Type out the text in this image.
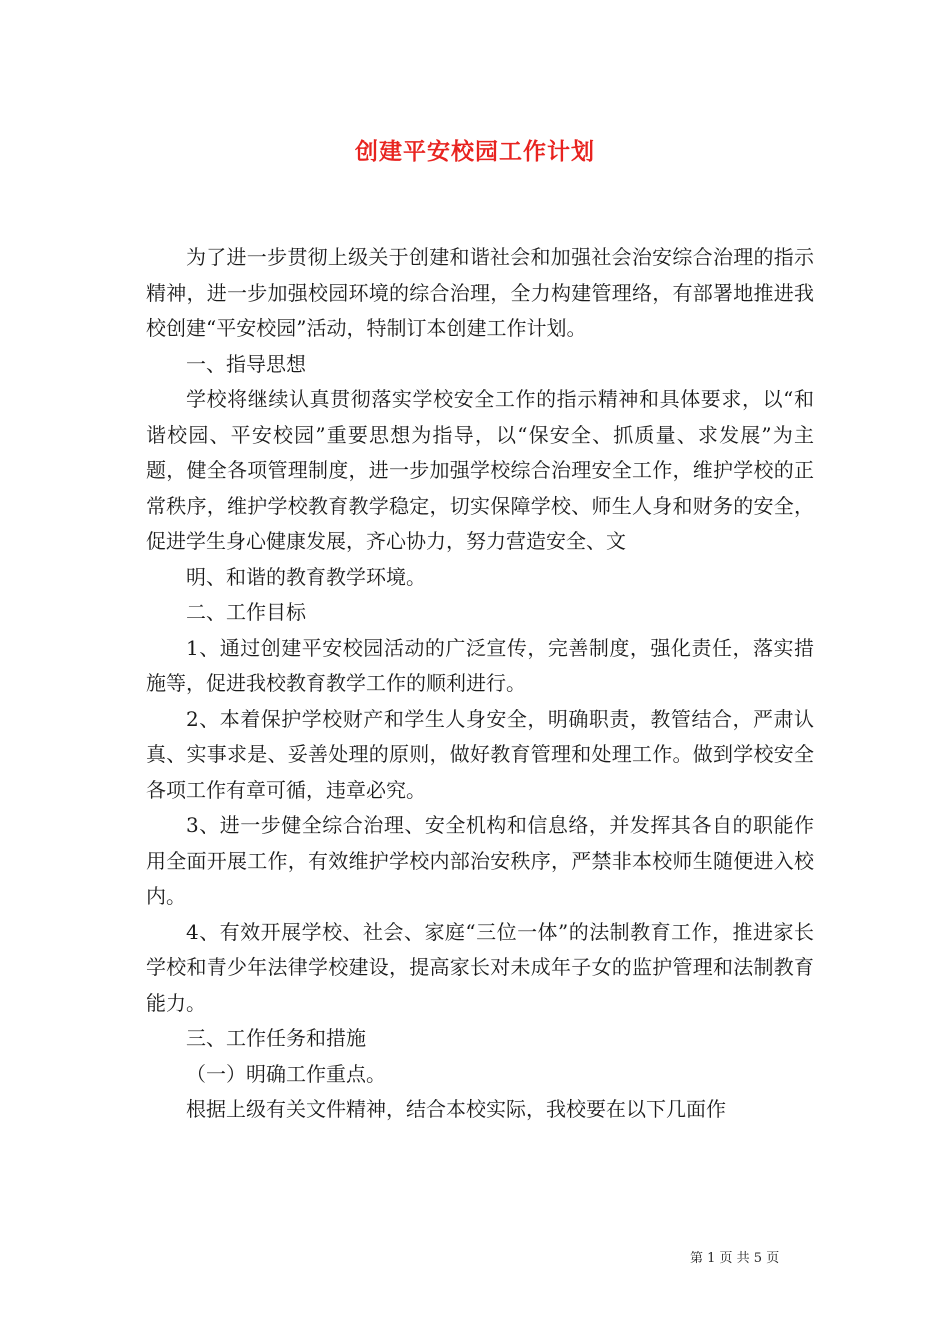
创建平安校园工作计划

为了进一步贯彻上级关于创建和谐社会和加强社会治安综合治理的指示精神，进一步加强校园环境的综合治理，全力构建管理络，有部署地推进我校创建“平安校园”活动，特制订本创建工作计划。

一、指导思想

学校将继续认真贯彻落实学校安全工作的指示精神和具体要求，以“和谐校园、平安校园”重要思想为指导，以“保安全、抓质量、求发展”为主题，健全各项管理制度，进一步加强学校综合治理安全工作，维护学校的正常秩序，维护学校教育教学稳定，切实保障学校、师生人身和财务的安全，促进学生身心健康发展，齐心协力，努力营造安全、文

明、和谐的教育教学环境。

二、工作目标

1、通过创建平安校园活动的广泛宣传，完善制度，强化责任，落实措施等，促进我校教育教学工作的顺利进行。

2、本着保护学校财产和学生人身安全，明确职责，教管结合，严肃认真、实事求是、妥善处理的原则，做好教育管理和处理工作。做到学校安全各项工作有章可循，违章必究。

3、进一步健全综合治理、安全机构和信息络，并发挥其各自的职能作用全面开展工作，有效维护学校内部治安秩序，严禁非本校师生随便进入校内。

4、有效开展学校、社会、家庭“三位一体”的法制教育工作，推进家长学校和青少年法律学校建设，提高家长对未成年子女的监护管理和法制教育能力。

三、工作任务和措施

（一）明确工作重点。

根据上级有关文件精神，结合本校实际，我校要在以下几面作

第 1 页 共 5 页
